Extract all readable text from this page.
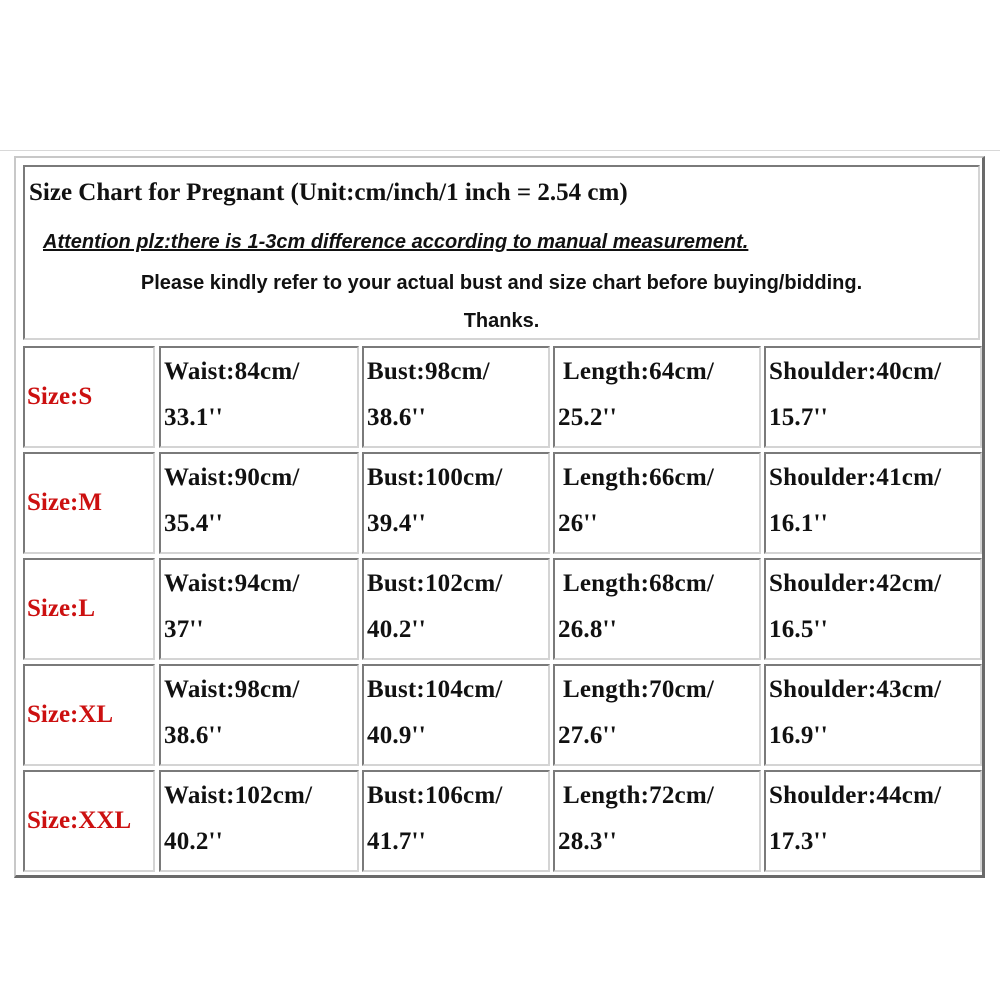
Size Chart for Pregnant (Unit:cm/inch/1 inch = 2.54 cm)
Attention plz:there is 1-3cm difference according to manual measurement.
Please kindly refer to your actual bust and size chart before buying/bidding.
Thanks.
Size:S
Waist:84cm/
33.1''
Bust:98cm/
38.6''
Length:64cm/
25.2''
Shoulder:40cm/
15.7''
Size:M
Waist:90cm/
35.4''
Bust:100cm/
39.4''
Length:66cm/
26''
Shoulder:41cm/
16.1''
Size:L
Waist:94cm/
37''
Bust:102cm/
40.2''
Length:68cm/
26.8''
Shoulder:42cm/
16.5''
Size:XL
Waist:98cm/
38.6''
Bust:104cm/
40.9''
Length:70cm/
27.6''
Shoulder:43cm/
16.9''
Size:XXL
Waist:102cm/
40.2''
Bust:106cm/
41.7''
Length:72cm/
28.3''
Shoulder:44cm/
17.3''
